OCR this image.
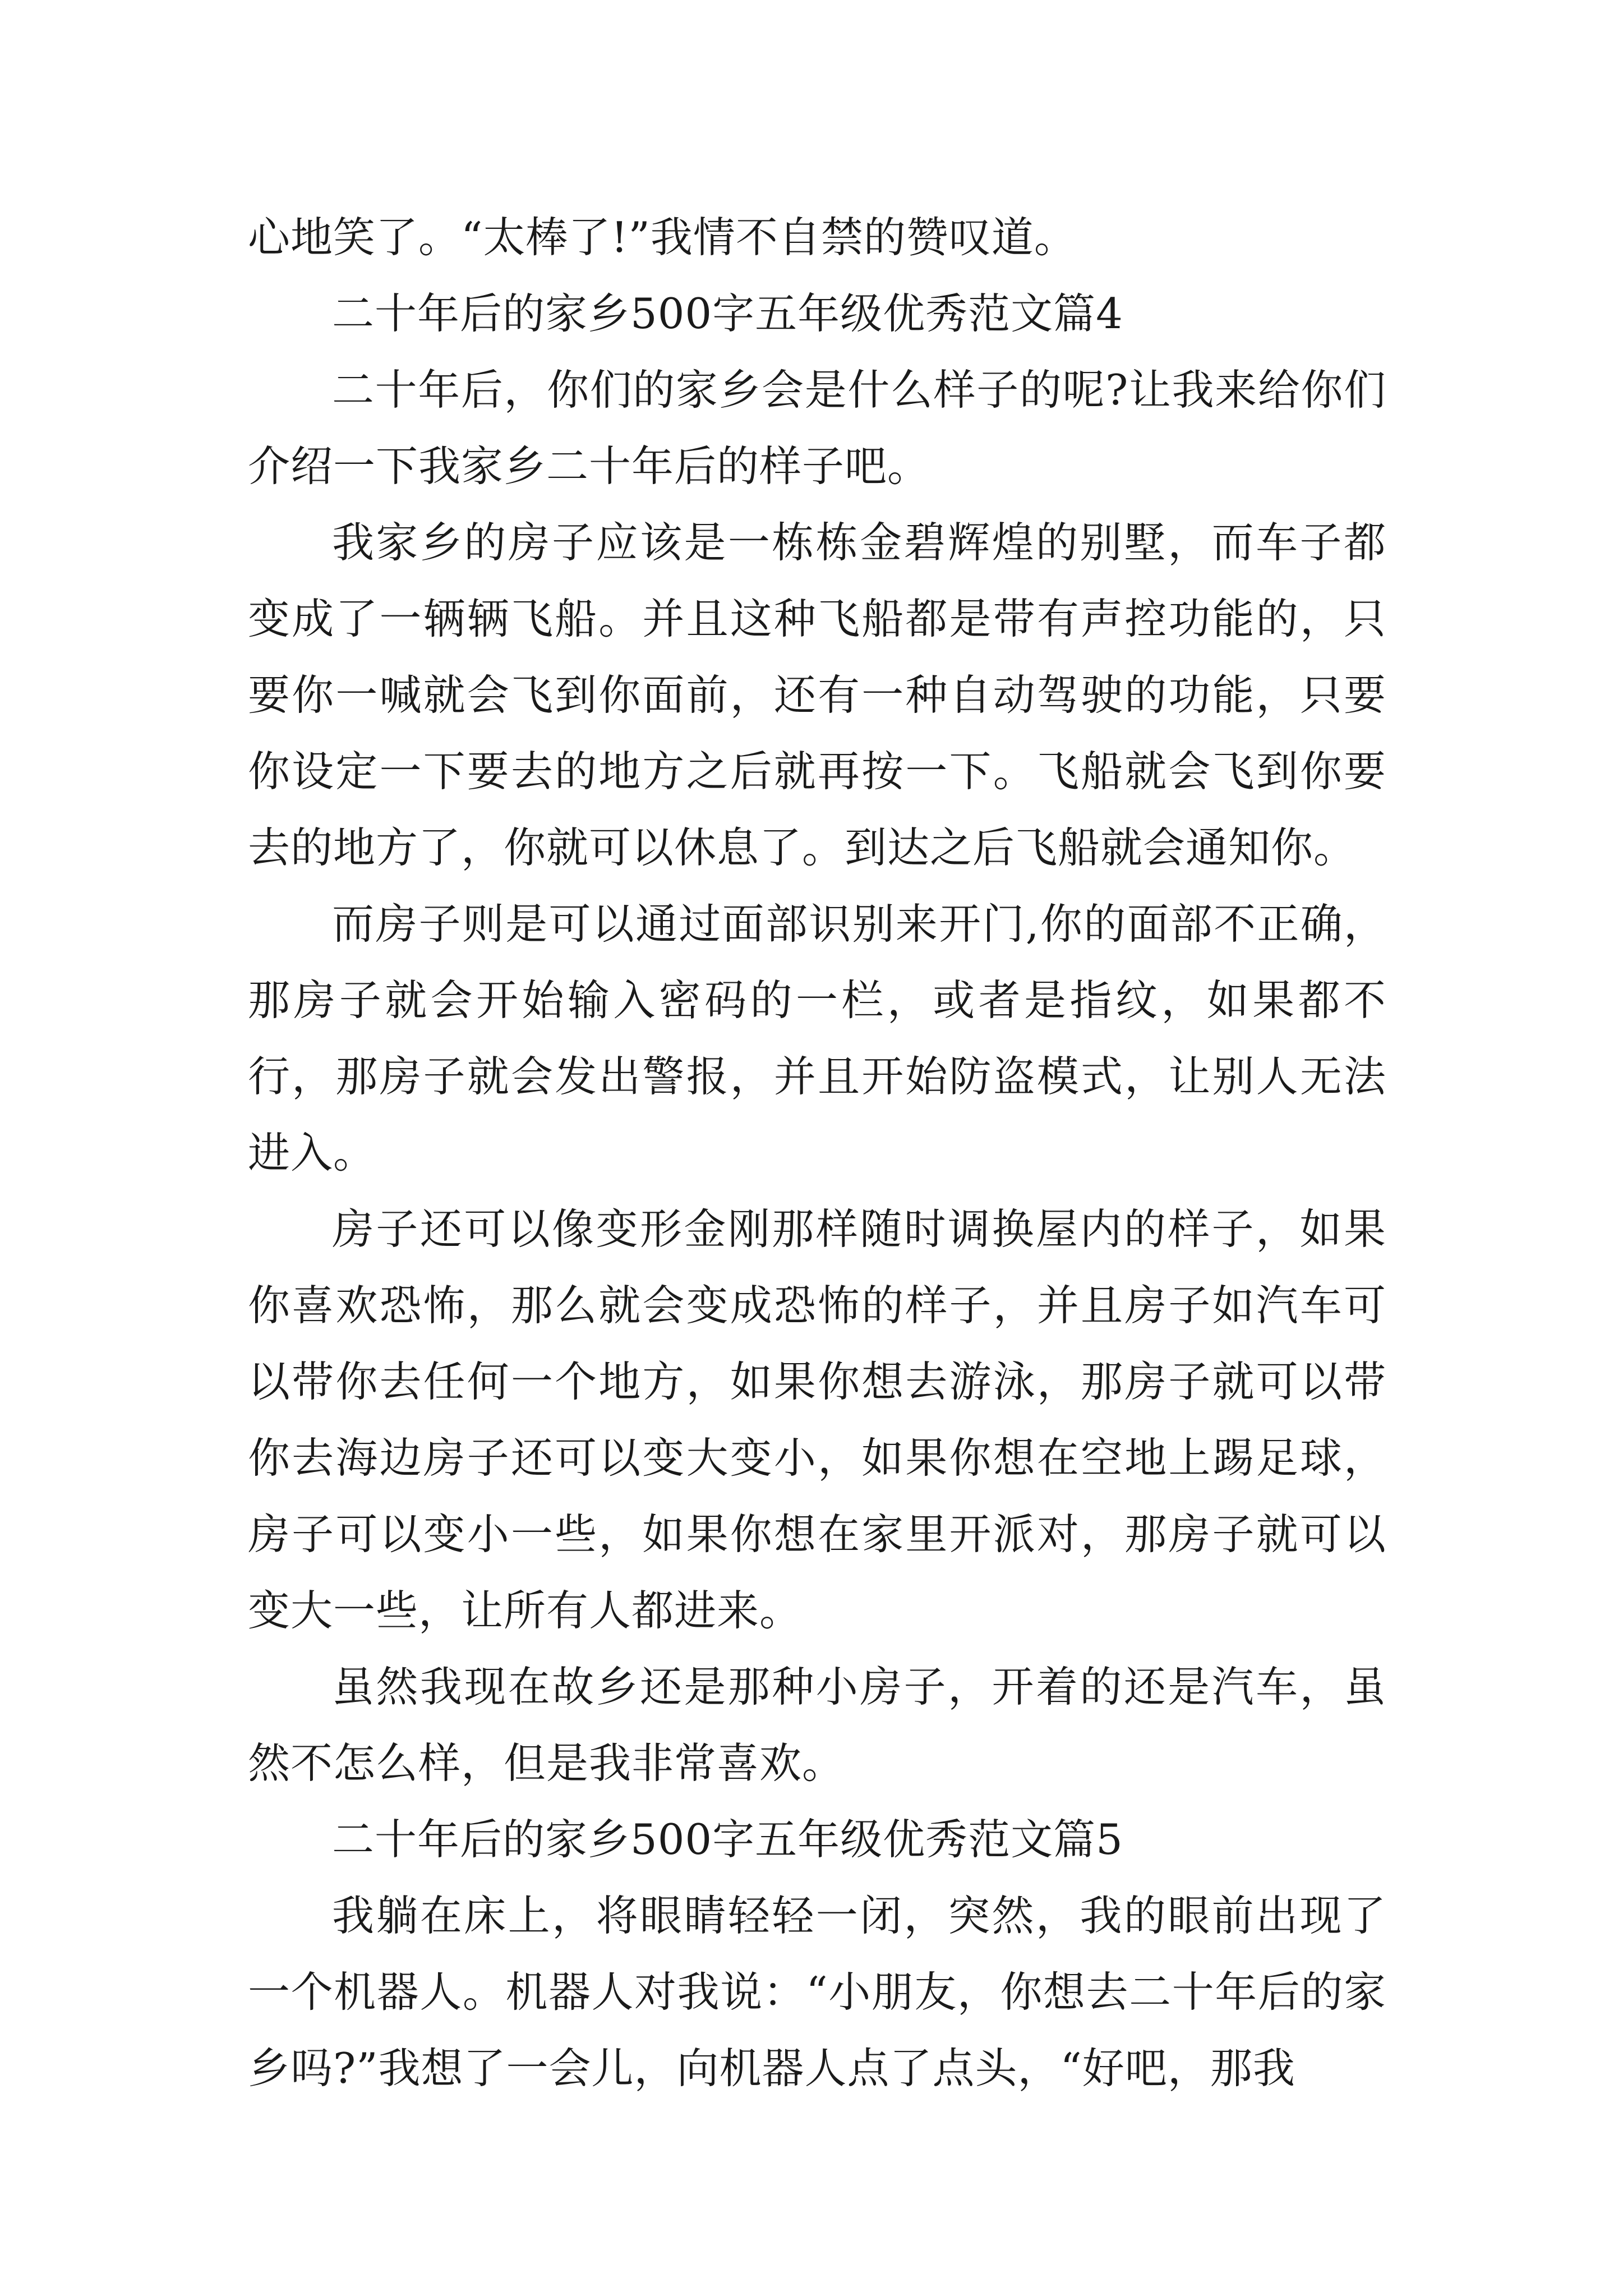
心地笑了。“太棒了!”我情不自禁的赞叹道。

二十年后的家乡500字五年级优秀范文篇4

二十年后，你们的家乡会是什么样子的呢?让我来给你们介绍一下我家乡二十年后的样子吧。

我家乡的房子应该是一栋栋金碧辉煌的别墅，而车子都变成了一辆辆飞船。并且这种飞船都是带有声控功能的，只要你一喊就会飞到你面前，还有一种自动驾驶的功能，只要你设定一下要去的地方之后就再按一下。飞船就会飞到你要去的地方了，你就可以休息了。到达之后飞船就会通知你。

而房子则是可以通过面部识别来开门,你的面部不正确，那房子就会开始输入密码的一栏，或者是指纹，如果都不行，那房子就会发出警报，并且开始防盗模式，让别人无法进入。

房子还可以像变形金刚那样随时调换屋内的样子，如果你喜欢恐怖，那么就会变成恐怖的样子，并且房子如汽车可以带你去任何一个地方，如果你想去游泳，那房子就可以带你去海边房子还可以变大变小，如果你想在空地上踢足球，房子可以变小一些，如果你想在家里开派对，那房子就可以变大一些，让所有人都进来。

虽然我现在故乡还是那种小房子，开着的还是汽车，虽然不怎么样，但是我非常喜欢。

二十年后的家乡500字五年级优秀范文篇5

我躺在床上，将眼睛轻轻一闭，突然，我的眼前出现了一个机器人。机器人对我说：“小朋友，你想去二十年后的家乡吗?”我想了一会儿，向机器人点了点头，“好吧，那我
